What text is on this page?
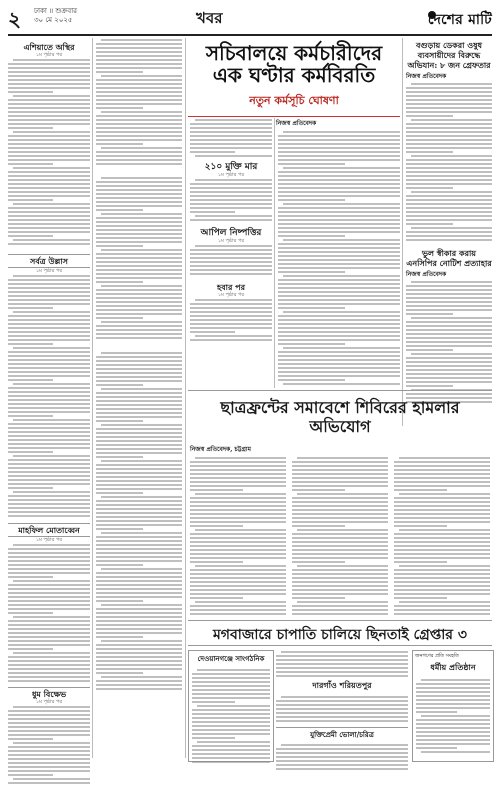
২ ঢাকা ॥ শুক্রবার
৩০ মে ২০২৫	খবর	দেশের মাটি
এশিয়াতে অস্থির
১ম পৃষ্ঠার পর
সর্বত্র উল্লাস
১ম পৃষ্ঠার পর
মাহফিল মোতাব্বেন
১ম পৃষ্ঠার পর
ধুম বিক্ষেভ
১ম পৃষ্ঠার পর
সচিবালয়ে কর্মচারীদের এক ঘণ্টার কর্মবিরতি
নতুন কর্মসূচি ঘোষণা
নিজস্ব প্রতিবেদক
২১০ মুক্তি মার
১ম পৃষ্ঠার পর
আপিল নিষ্পত্তির
১ম পৃষ্ঠার পর
হবার পর
১ম পৃষ্ঠার পর
বগুড়ায় ডেকরা ওষুধ ব্যবসায়ীদের বিরুদ্ধে অভিযান: ৮ জন গ্রেফতার
নিজস্ব প্রতিবেদক
ভুল স্বীকার করায় এনসিপির নোটিশ প্রত্যাহার
নিজস্ব প্রতিবেদক
ছাত্রফ্রন্টের সমাবেশে শিবিরের হামলার অভিযোগ
নিজস্ব প্রতিবেদক, চট্টগ্রাম
মগবাজারে চাপাতি চালিয়ে ছিনতাই গ্রেপ্তার ৩
দেওয়ানগঞ্জে সাংগঠনিক
দারগাঁও শরিয়তপুর
যুক্তিপ্রেমী ভোলা/চরিত্র
জনগণের প্রতি সংহতি
ধর্মীয় প্রতিষ্ঠান
